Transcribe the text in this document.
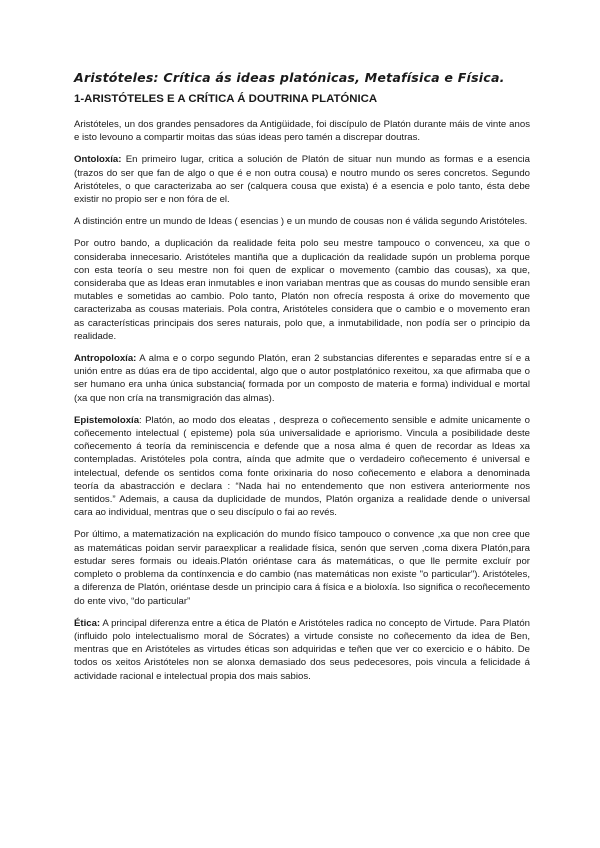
Aristóteles: Crítica ás ideas platónicas, Metafísica e Física.
1-ARISTÓTELES E A CRÍTICA Á DOUTRINA PLATÓNICA

Aristóteles, un dos grandes pensadores da Antigüidade, foi discípulo de Platón durante máis de vinte anos e isto levouno a compartir moitas das súas ideas pero tamén a discrepar doutras.

Ontoloxía: En primeiro lugar, critica a solución de Platón de situar nun mundo as formas e a esencia (trazos do ser que fan de algo o que é e non outra cousa) e noutro mundo os seres concretos. Segundo Aristóteles, o que caracterizaba ao ser (calquera cousa que exista) é a esencia e polo tanto, ésta debe existir no propio ser e non fóra de el.

A distinción entre un mundo de Ideas ( esencias ) e un mundo de cousas non é válida segundo Aristóteles.

Por outro bando, a duplicación da realidade feita polo seu mestre tampouco o convenceu, xa que o consideraba innecesario. Aristóteles mantiña que a duplicación da realidade supón un problema porque con esta teoría o seu mestre non foi quen de explicar o movemento (cambio das cousas), xa que, consideraba que as Ideas eran inmutables e inon variaban mentras que as cousas do mundo sensible eran mutables e sometidas ao cambio. Polo tanto, Platón non ofrecía resposta á orixe do movemento que caracterizaba as cousas materiais. Pola contra, Aristóteles considera que o cambio e o movemento eran as características principais dos seres naturais, polo que, a inmutabilidade, non podía ser o principio da realidade.

Antropoloxía: A alma e o corpo segundo Platón, eran 2 substancias diferentes e separadas entre sí e a unión entre as dúas era de tipo accidental, algo que o autor postplatónico rexeitou, xa que afirmaba que o ser humano era unha única substancia( formada por un composto de materia e forma) individual e mortal (xa que non cría na transmigración das almas).

Epistemoloxía: Platón, ao modo dos eleatas , despreza o coñecemento sensible e admite unicamente o coñecemento intelectual ( episteme) pola súa universalidade e apriorismo. Vincula a posibilidade deste coñecemento á teoría da reminiscencia e defende que a nosa alma é quen de recordar as Ideas xa contempladas. Aristóteles pola contra, aínda que admite que o verdadeiro coñecemento é universal e intelectual, defende os sentidos coma fonte orixinaria do noso coñecemento e elabora a denominada teoría da abastracción e declara : “Nada hai no entendemento que non estivera anteriormente nos sentidos.” Ademais, a causa da duplicidade de mundos, Platón organiza a realidade dende o universal cara ao individual, mentras que o seu discípulo o fai ao revés.

Por último, a matematización na explicación do mundo físico tampouco o convence ,xa que non cree que as matemáticas poidan servir paraexplicar a realidade física, senón que serven ,coma dixera Platón,para estudar seres formais ou ideais.Platón oriéntase cara ás matemáticas, o que lle permite excluír por completo o problema da contínxencia e do cambio (nas matemáticas non existe "o particular"). Aristóteles, a diferenza de Platón, oriéntase desde un principio cara á física e a bioloxía. Iso significa o recoñecemento do ente vivo, “do particular”

Ética: A principal diferenza entre a ética de Platón e Aristóteles radica no concepto de Virtude. Para Platón (influido polo intelectualismo moral de Sócrates) a virtude consiste no coñecemento da idea de Ben, mentras que en Aristóteles as virtudes éticas son adquiridas e teñen que ver co exercicio e o hábito. De todos os xeitos Aristóteles non se alonxa demasiado dos seus pedecesores, pois vincula a felicidade á actividade racional e intelectual propia dos mais sabios.
